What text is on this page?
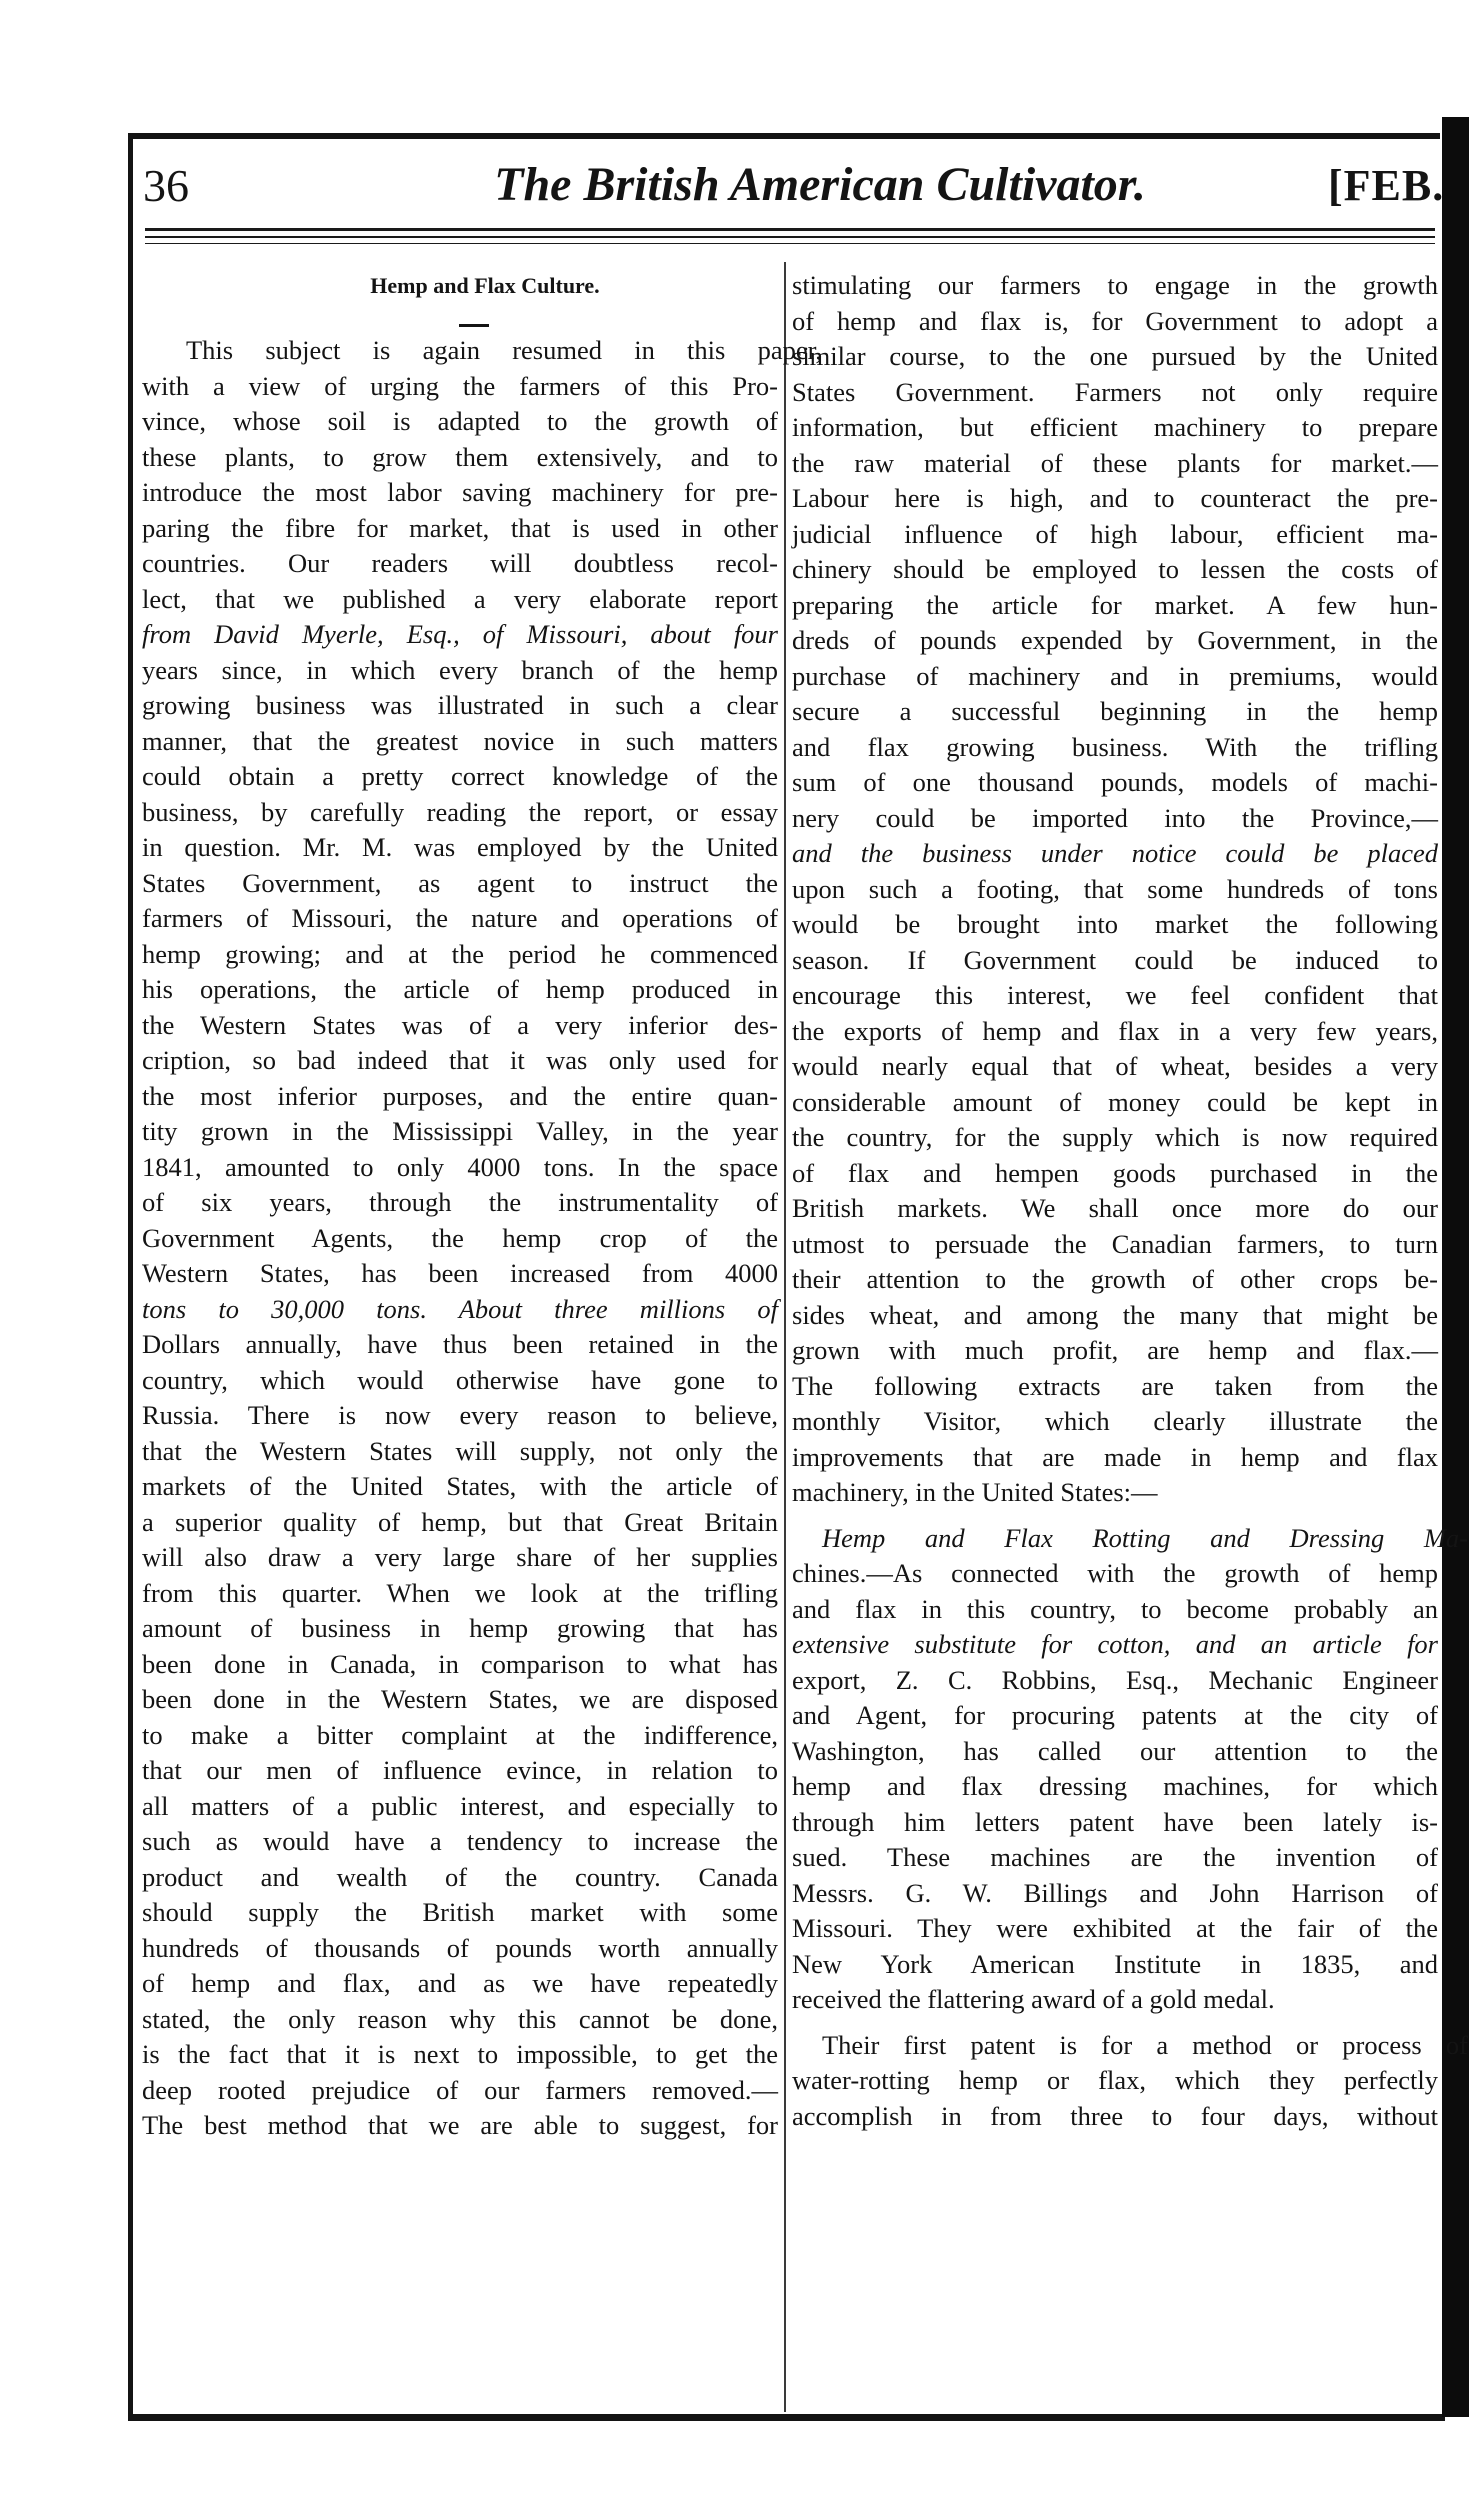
36	The British American Cultivator.	[FEB.

Hemp and Flax Culture.

This subject is again resumed in this paper,

with a view of urging the farmers of this Pro-

vince, whose soil is adapted to the growth of

these plants, to grow them extensively, and to

introduce the most labor saving machinery for pre-

paring the fibre for market, that is used in other

countries. Our readers will doubtless recol-

lect, that we published a very elaborate report

from David Myerle, Esq., of Missouri, about four

years since, in which every branch of the hemp

growing business was illustrated in such a clear

manner, that the greatest novice in such matters

could obtain a pretty correct knowledge of the

business, by carefully reading the report, or essay

in question. Mr. M. was employed by the United

States Government, as agent to instruct the

farmers of Missouri, the nature and operations of

hemp growing; and at the period he commenced

his operations, the article of hemp produced in

the Western States was of a very inferior des-

cription, so bad indeed that it was only used for

the most inferior purposes, and the entire quan-

tity grown in the Mississippi Valley, in the year

1841, amounted to only 4000 tons. In the space

of six years, through the instrumentality of

Government Agents, the hemp crop of the

Western States, has been increased from 4000

tons to 30,000 tons. About three millions of

Dollars annually, have thus been retained in the

country, which would otherwise have gone to

Russia. There is now every reason to believe,

that the Western States will supply, not only the

markets of the United States, with the article of

a superior quality of hemp, but that Great Britain

will also draw a very large share of her supplies

from this quarter. When we look at the trifling

amount of business in hemp growing that has

been done in Canada, in comparison to what has

been done in the Western States, we are disposed

to make a bitter complaint at the indifference,

that our men of influence evince, in relation to

all matters of a public interest, and especially to

such as would have a tendency to increase the

product and wealth of the country. Canada

should supply the British market with some

hundreds of thousands of pounds worth annually

of hemp and flax, and as we have repeatedly

stated, the only reason why this cannot be done,

is the fact that it is next to impossible, to get the

deep rooted prejudice of our farmers removed.—

The best method that we are able to suggest, for

stimulating our farmers to engage in the growth

of hemp and flax is, for Government to adopt a

similar course, to the one pursued by the United

States Government. Farmers not only require

information, but efficient machinery to prepare

the raw material of these plants for market.—

Labour here is high, and to counteract the pre-

judicial influence of high labour, efficient ma-

chinery should be employed to lessen the costs of

preparing the article for market. A few hun-

dreds of pounds expended by Government, in the

purchase of machinery and in premiums, would

secure a successful beginning in the hemp

and flax growing business. With the trifling

sum of one thousand pounds, models of machi-

nery could be imported into the Province,—

and the business under notice could be placed

upon such a footing, that some hundreds of tons

would be brought into market the following

season. If Government could be induced to

encourage this interest, we feel confident that

the exports of hemp and flax in a very few years,

would nearly equal that of wheat, besides a very

considerable amount of money could be kept in

the country, for the supply which is now required

of flax and hempen goods purchased in the

British markets. We shall once more do our

utmost to persuade the Canadian farmers, to turn

their attention to the growth of other crops be-

sides wheat, and among the many that might be

grown with much profit, are hemp and flax.—

The following extracts are taken from the

monthly Visitor, which clearly illustrate the

improvements that are made in hemp and flax

machinery, in the United States:—

Hemp and Flax Rotting and Dressing Ma-

chines.—As connected with the growth of hemp

and flax in this country, to become probably an

extensive substitute for cotton, and an article for

export, Z. C. Robbins, Esq., Mechanic Engineer

and Agent, for procuring patents at the city of

Washington, has called our attention to the

hemp and flax dressing machines, for which

through him letters patent have been lately is-

sued. These machines are the invention of

Messrs. G. W. Billings and John Harrison of

Missouri. They were exhibited at the fair of the

New York American Institute in 1835, and

received the flattering award of a gold medal.

Their first patent is for a method or process of

water-rotting hemp or flax, which they perfectly

accomplish in from three to four days, without
